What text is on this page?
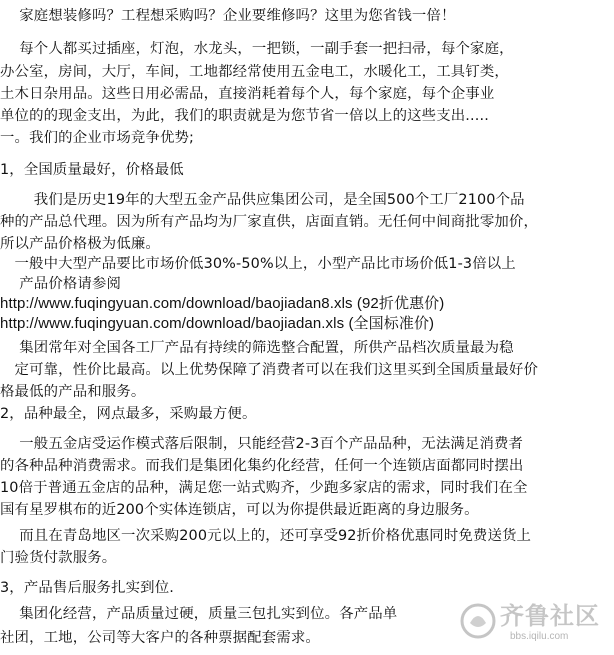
　 家庭想装修吗？工程想采购吗？企业要维修吗？这里为您省钱一倍！
　 每个人都买过插座，灯泡，水龙头，一把锁，一副手套一把扫帚，每个家庭，
办公室，房间，大厅，车间，工地都经常使用五金电工，水暖化工，工具钉类，
土木日杂用品。这些日用必需品，直接消耗着每个人，每个家庭，每个企事业
单位的的现金支出，为此，我们的职责就是为您节省一倍以上的这些支出.....
一。我们的企业市场竞争优势;
1，全国质量最好，价格最低
　　 我们是历史19年的大型五金产品供应集团公司，是全国500个工厂2100个品
种的产品总代理。因为所有产品均为厂家直供，店面直销。无任何中间商批零加价，
所以产品价格极为低廉。
　一般中大型产品要比市场价低30%-50%以上，小型产品比市场价低1-3倍以上
　 产品价格请参阅
http://www.fuqingyuan.com/download/baojiadan8.xls (92折优惠价)
http://www.fuqingyuan.com/download/baojiadan.xls (全国标准价)
　 集团常年对全国各工厂产品有持续的筛选整合配置，所供产品档次质量最为稳
　定可靠，性价比最高。以上优势保障了消费者可以在我们这里买到全国质量最好价
格最低的产品和服务。
2，品种最全，网点最多，采购最方便。
　 一般五金店受运作模式落后限制，只能经营2-3百个产品品种，无法满足消费者
的各种品种消费需求。而我们是集团化集约化经营，任何一个连锁店面都同时摆出
10倍于普通五金店的品种，满足您一站式购齐，少跑多家店的需求，同时我们在全
国有星罗棋布的近200个实体连锁店，可以为你提供最近距离的身边服务。
　 而且在青岛地区一次采购200元以上的，还可享受92折价格优惠同时免费送货上
门验货付款服务。
3，产品售后服务扎实到位.
　 集团化经营，产品质量过硬，质量三包扎实到位。各产品单
社团，工地，公司等大客户的各种票据配套需求。
齐鲁社区
bbs.iqilu.com
